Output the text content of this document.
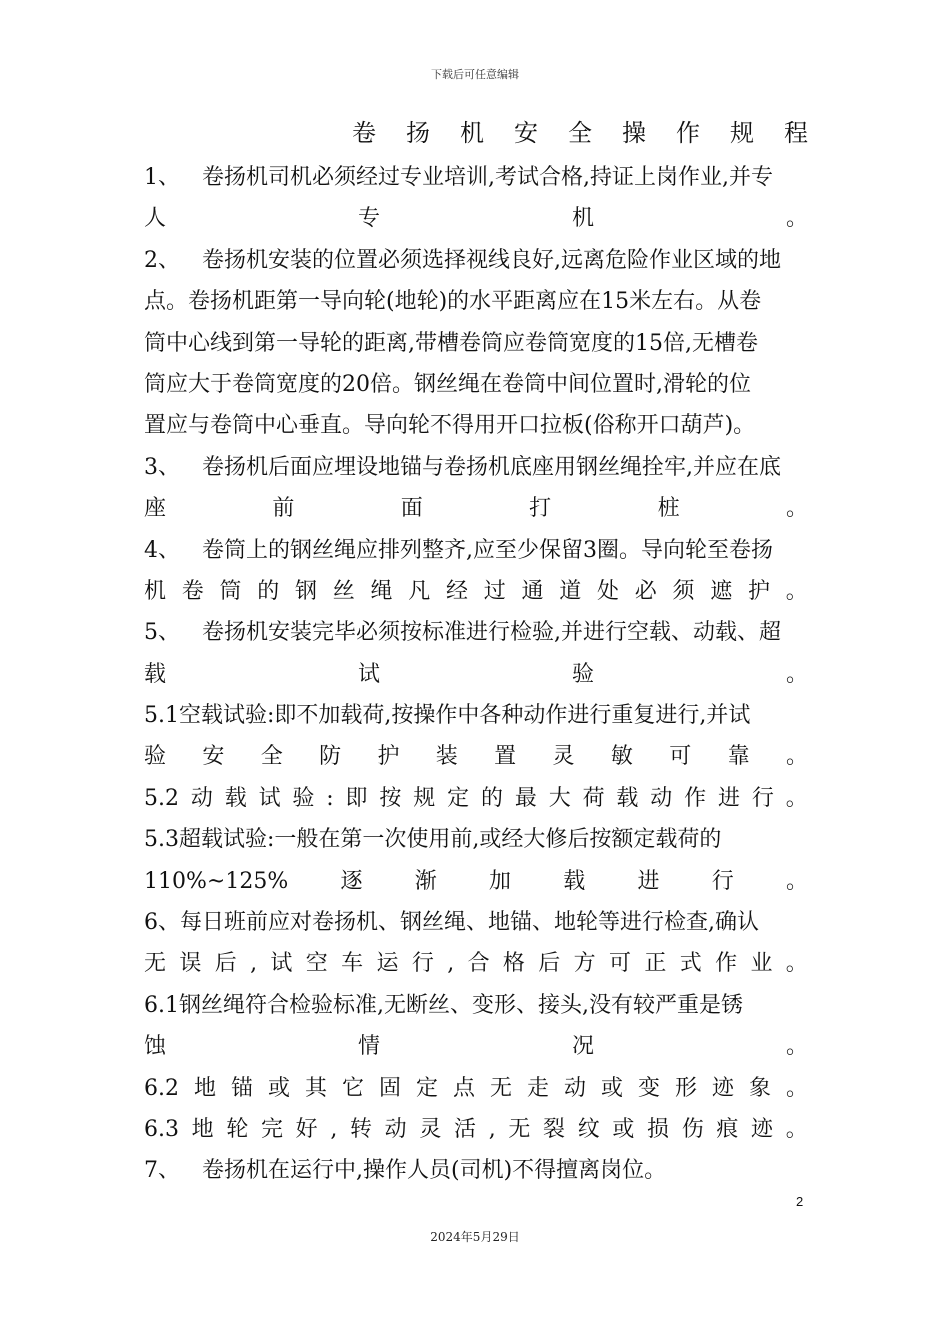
下载后可任意编辑
卷 扬 机 安 全 操 作 规 程
1、 卷扬机司机必须经过专业培训,考试合格,持证上岗作业,并专
人	专	机	。
2、 卷扬机安装的位置必须选择视线良好,远离危险作业区域的地
点。卷扬机距第一导向轮(地轮)的水平距离应在15米左右。从卷
筒中心线到第一导轮的距离,带槽卷筒应卷筒宽度的15倍,无槽卷
筒应大于卷筒宽度的20倍。钢丝绳在卷筒中间位置时,滑轮的位
置应与卷筒中心垂直。导向轮不得用开口拉板(俗称开口葫芦)。
3、 卷扬机后面应埋设地锚与卷扬机底座用钢丝绳拴牢,并应在底
座	前	面	打	桩	。
4、 卷筒上的钢丝绳应排列整齐,应至少保留3圈。导向轮至卷扬
机 卷 筒 的 钢 丝 绳 凡 经 过 通 道 处 必 须 遮 护 。
5、 卷扬机安装完毕必须按标准进行检验,并进行空载、动载、超
载	试	验	。
5.1空载试验:即不加载荷,按操作中各种动作进行重复进行,并试
验 安 全 防 护 装 置 灵 敏 可 靠 。
5.2 动 载 试 验 : 即 按 规 定 的 最 大 荷 载 动 作 进 行 。
5.3超载试验:一般在第一次使用前,或经大修后按额定载荷的
110%~125% 逐 渐 加 载 进 行 。
6、每日班前应对卷扬机、钢丝绳、地锚、地轮等进行检查,确认
无 误 后 , 试 空 车 运 行 , 合 格 后 方 可 正 式 作 业 。
6.1钢丝绳符合检验标准,无断丝、变形、接头,没有较严重是锈
蚀	情	况	。
6.2 地 锚 或 其 它 固 定 点 无 走 动 或 变 形 迹 象 。
6.3 地 轮 完 好 , 转 动 灵 活 , 无 裂 纹 或 损 伤 痕 迹 。
7、 卷扬机在运行中,操作人员(司机)不得擅离岗位。
2
2024年5月29日
